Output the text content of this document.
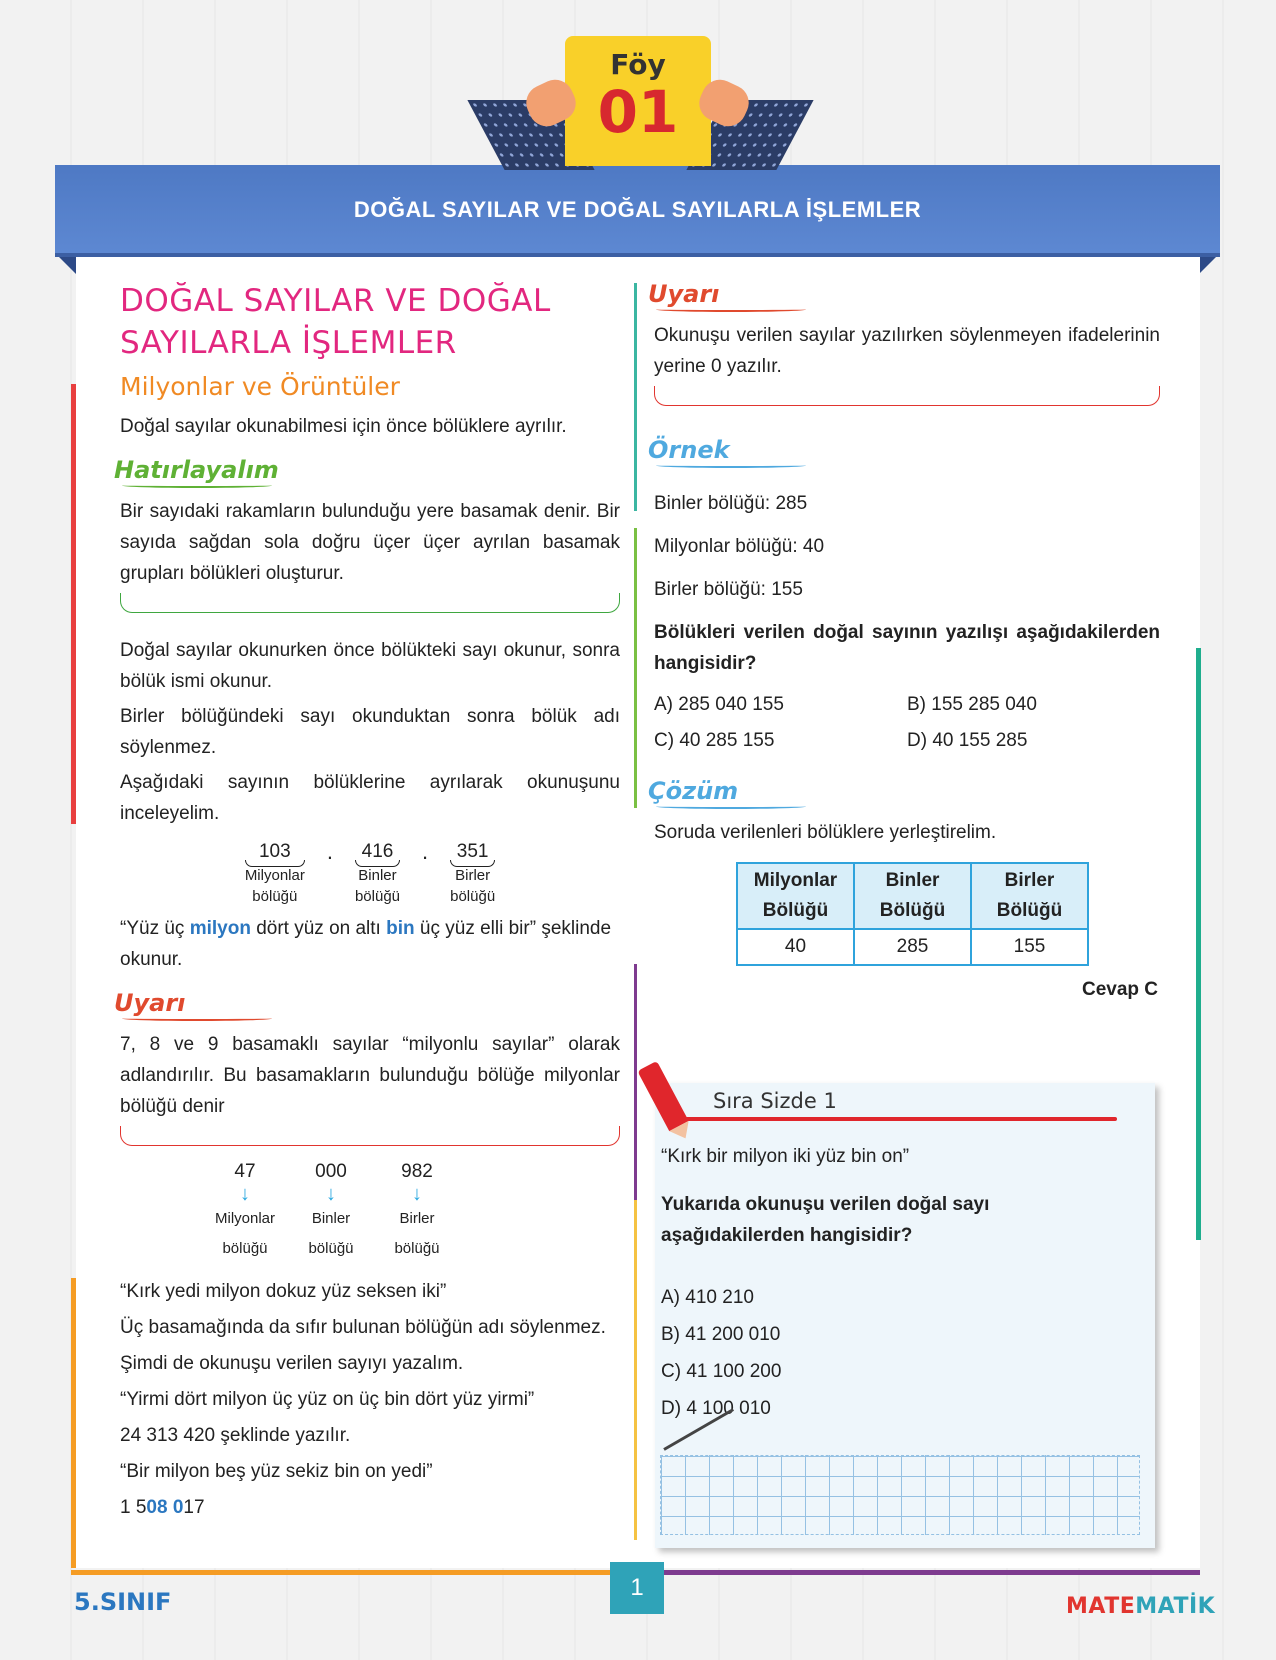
Föy
01
DOĞAL SAYILAR VE DOĞAL SAYILARLA İŞLEMLER
DOĞAL SAYILAR VE DOĞAL
SAYILARLA İŞLEMLER
Milyonlar ve Örüntüler

Doğal sayılar okunabilmesi için önce bölüklere ayrılır.

Hatırlayalım

Bir sayıdaki rakamların bulunduğu yere basamak denir. Bir sayıda sağdan sola doğru üçer üçer ayrılan basamak grupları bölükleri oluşturur.

Doğal sayılar okunurken önce bölükteki sayı okunur, sonra bölük ismi okunur.

Birler bölüğündeki sayı okunduktan sonra bölük adı söylenmez.

Aşağıdaki sayının bölüklerine ayrılarak okunuşunu inceleyelim.

103
Milyonlar
bölüğü
.	416
Binler
bölüğü
.	351
Birler
bölüğü

“Yüz üç milyon dört yüz on altı bin üç yüz elli bir” şeklinde okunur.

Uyarı

7, 8 ve 9 basamaklı sayılar “milyonlu sayılar” olarak adlandırılır. Bu basamakların bulunduğu bölüğe milyonlar bölüğü denir

47
↓
Milyonlar
bölüğü
000
↓
Binler
bölüğü
982
↓
Birler
bölüğü

“Kırk yedi milyon dokuz yüz seksen iki”

Üç basamağında da sıfır bulunan bölüğün adı söylenmez.

Şimdi de okunuşu verilen sayıyı yazalım.

“Yirmi dört milyon üç yüz on üç bin dört yüz yirmi”

24 313 420 şeklinde yazılır.

“Bir milyon beş yüz sekiz bin on yedi”

1 508 017

Uyarı

Okunuşu verilen sayılar yazılırken söylenmeyen ifadelerinin yerine 0 yazılır.

Örnek

Binler bölüğü: 285

Milyonlar bölüğü: 40

Birler bölüğü: 155

Bölükleri verilen doğal sayının yazılışı aşağıdakilerden hangisidir?

A) 285 040 155	B) 155 285 040
C) 40 285 155	D) 40 155 285
Çözüm

Soruda verilenleri bölüklere yerleştirelim.

Milyonlar Bölüğü	Binler Bölüğü	Birler Bölüğü
40	285	155

Cevap C

Sıra Sizde 1

“Kırk bir milyon iki yüz bin on”

Yukarıda okunuşu verilen doğal sayı aşağıdakilerden hangisidir?

A) 410 210
B) 41 200 010
C) 41 100 200
D) 4 100 010
1
5.SINIF	MATEMATİK
